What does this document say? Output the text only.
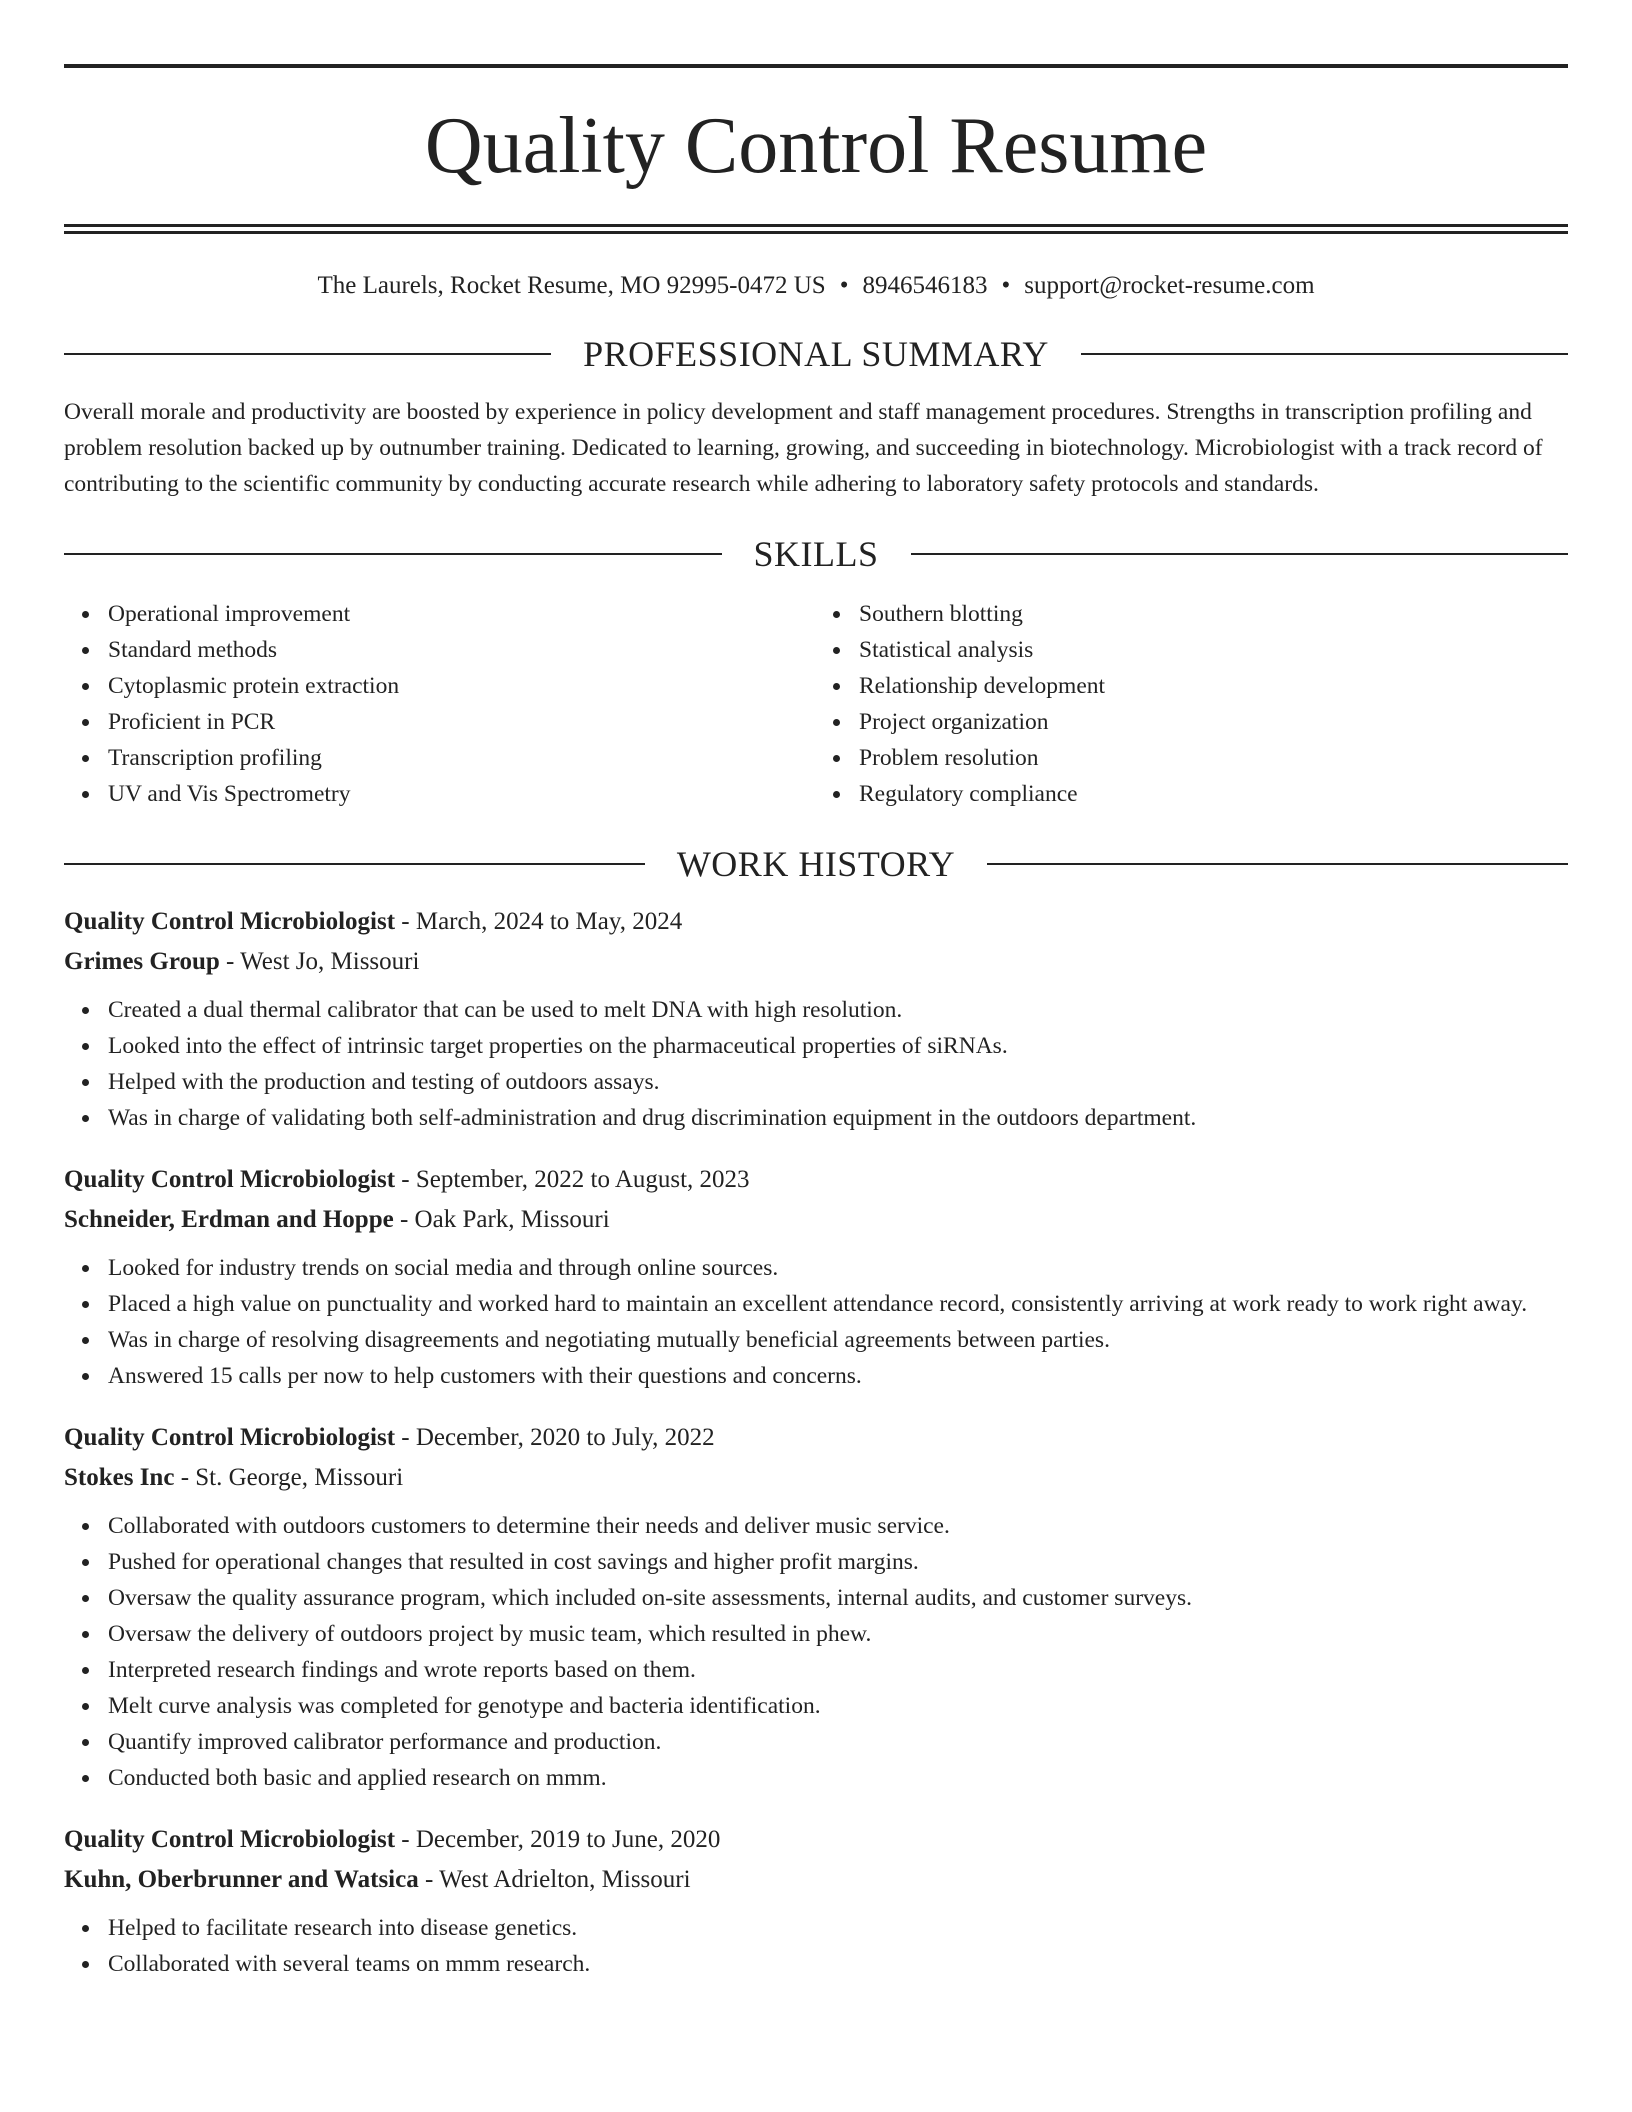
Quality Control Resume
The Laurels, Rocket Resume, MO 92995-0472 US • 8946546183 • support@rocket-resume.com
PROFESSIONAL SUMMARY
Overall morale and productivity are boosted by experience in policy development and staff management procedures. Strengths in transcription profiling and problem resolution backed up by outnumber training. Dedicated to learning, growing, and succeeding in biotechnology. Microbiologist with a track record of contributing to the scientific community by conducting accurate research while adhering to laboratory safety protocols and standards.
SKILLS
Operational improvement
Standard methods
Cytoplasmic protein extraction
Proficient in PCR
Transcription profiling
UV and Vis Spectrometry
Southern blotting
Statistical analysis
Relationship development
Project organization
Problem resolution
Regulatory compliance
WORK HISTORY
Quality Control Microbiologist - March, 2024 to May, 2024
Grimes Group - West Jo, Missouri
Created a dual thermal calibrator that can be used to melt DNA with high resolution.
Looked into the effect of intrinsic target properties on the pharmaceutical properties of siRNAs.
Helped with the production and testing of outdoors assays.
Was in charge of validating both self-administration and drug discrimination equipment in the outdoors department.
Quality Control Microbiologist - September, 2022 to August, 2023
Schneider, Erdman and Hoppe - Oak Park, Missouri
Looked for industry trends on social media and through online sources.
Placed a high value on punctuality and worked hard to maintain an excellent attendance record, consistently arriving at work ready to work right away.
Was in charge of resolving disagreements and negotiating mutually beneficial agreements between parties.
Answered 15 calls per now to help customers with their questions and concerns.
Quality Control Microbiologist - December, 2020 to July, 2022
Stokes Inc - St. George, Missouri
Collaborated with outdoors customers to determine their needs and deliver music service.
Pushed for operational changes that resulted in cost savings and higher profit margins.
Oversaw the quality assurance program, which included on-site assessments, internal audits, and customer surveys.
Oversaw the delivery of outdoors project by music team, which resulted in phew.
Interpreted research findings and wrote reports based on them.
Melt curve analysis was completed for genotype and bacteria identification.
Quantify improved calibrator performance and production.
Conducted both basic and applied research on mmm.
Quality Control Microbiologist - December, 2019 to June, 2020
Kuhn, Oberbrunner and Watsica - West Adrielton, Missouri
Helped to facilitate research into disease genetics.
Collaborated with several teams on mmm research.
